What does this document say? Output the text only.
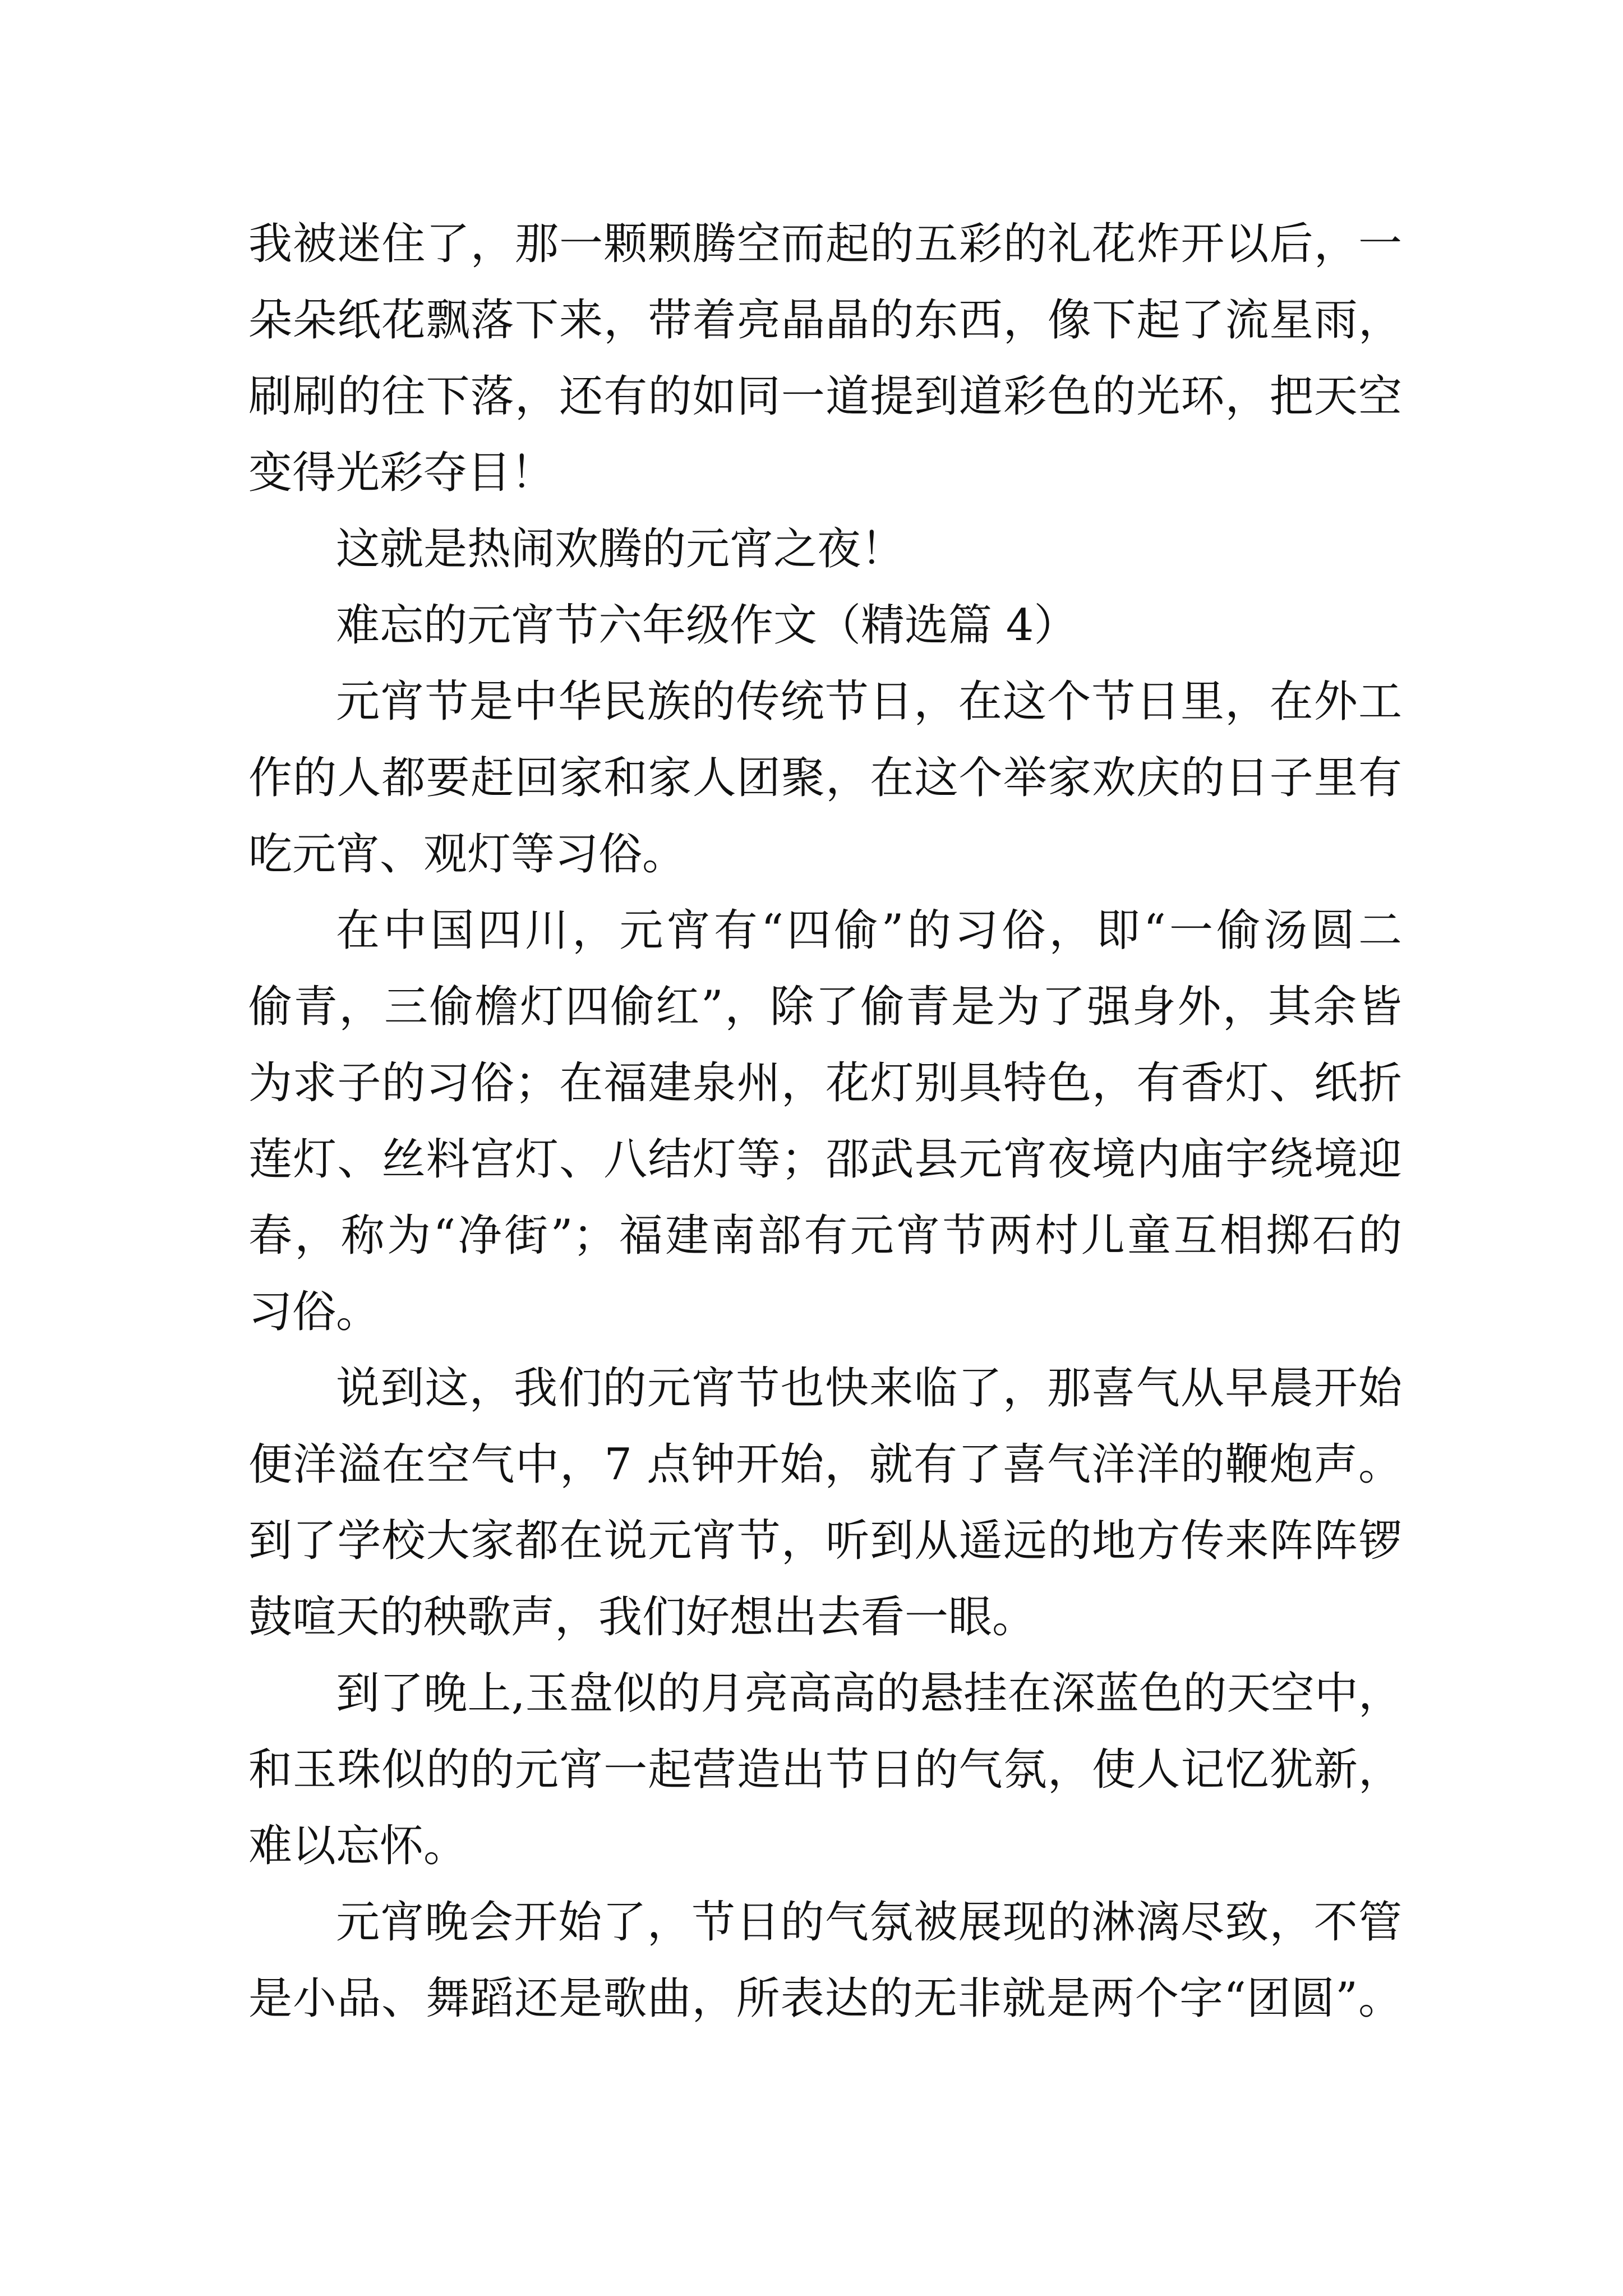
我被迷住了，那一颗颗腾空而起的五彩的礼花炸开以后，一
朵朵纸花飘落下来，带着亮晶晶的东西，像下起了流星雨，
刷刷的往下落，还有的如同一道提到道彩色的光环，把天空
变得光彩夺目！
这就是热闹欢腾的元宵之夜！
难忘的元宵节六年级作文（精选篇 4）
元宵节是中华民族的传统节日，在这个节日里，在外工
作的人都要赶回家和家人团聚，在这个举家欢庆的日子里有
吃元宵、观灯等习俗。
在中国四川，元宵有“四偷”的习俗，即“一偷汤圆二
偷青，三偷檐灯四偷红”，除了偷青是为了强身外，其余皆
为求子的习俗；在福建泉州，花灯别具特色，有香灯、纸折
莲灯、丝料宫灯、八结灯等；邵武县元宵夜境内庙宇绕境迎
春，称为“净街”；福建南部有元宵节两村儿童互相掷石的
习俗。
说到这，我们的元宵节也快来临了，那喜气从早晨开始
便洋溢在空气中，7 点钟开始，就有了喜气洋洋的鞭炮声。
到了学校大家都在说元宵节，听到从遥远的地方传来阵阵锣
鼓喧天的秧歌声，我们好想出去看一眼。
到了晚上,玉盘似的月亮高高的悬挂在深蓝色的天空中，
和玉珠似的的元宵一起营造出节日的气氛，使人记忆犹新，
难以忘怀。
元宵晚会开始了，节日的气氛被展现的淋漓尽致，不管
是小品、舞蹈还是歌曲，所表达的无非就是两个字“团圆”。
